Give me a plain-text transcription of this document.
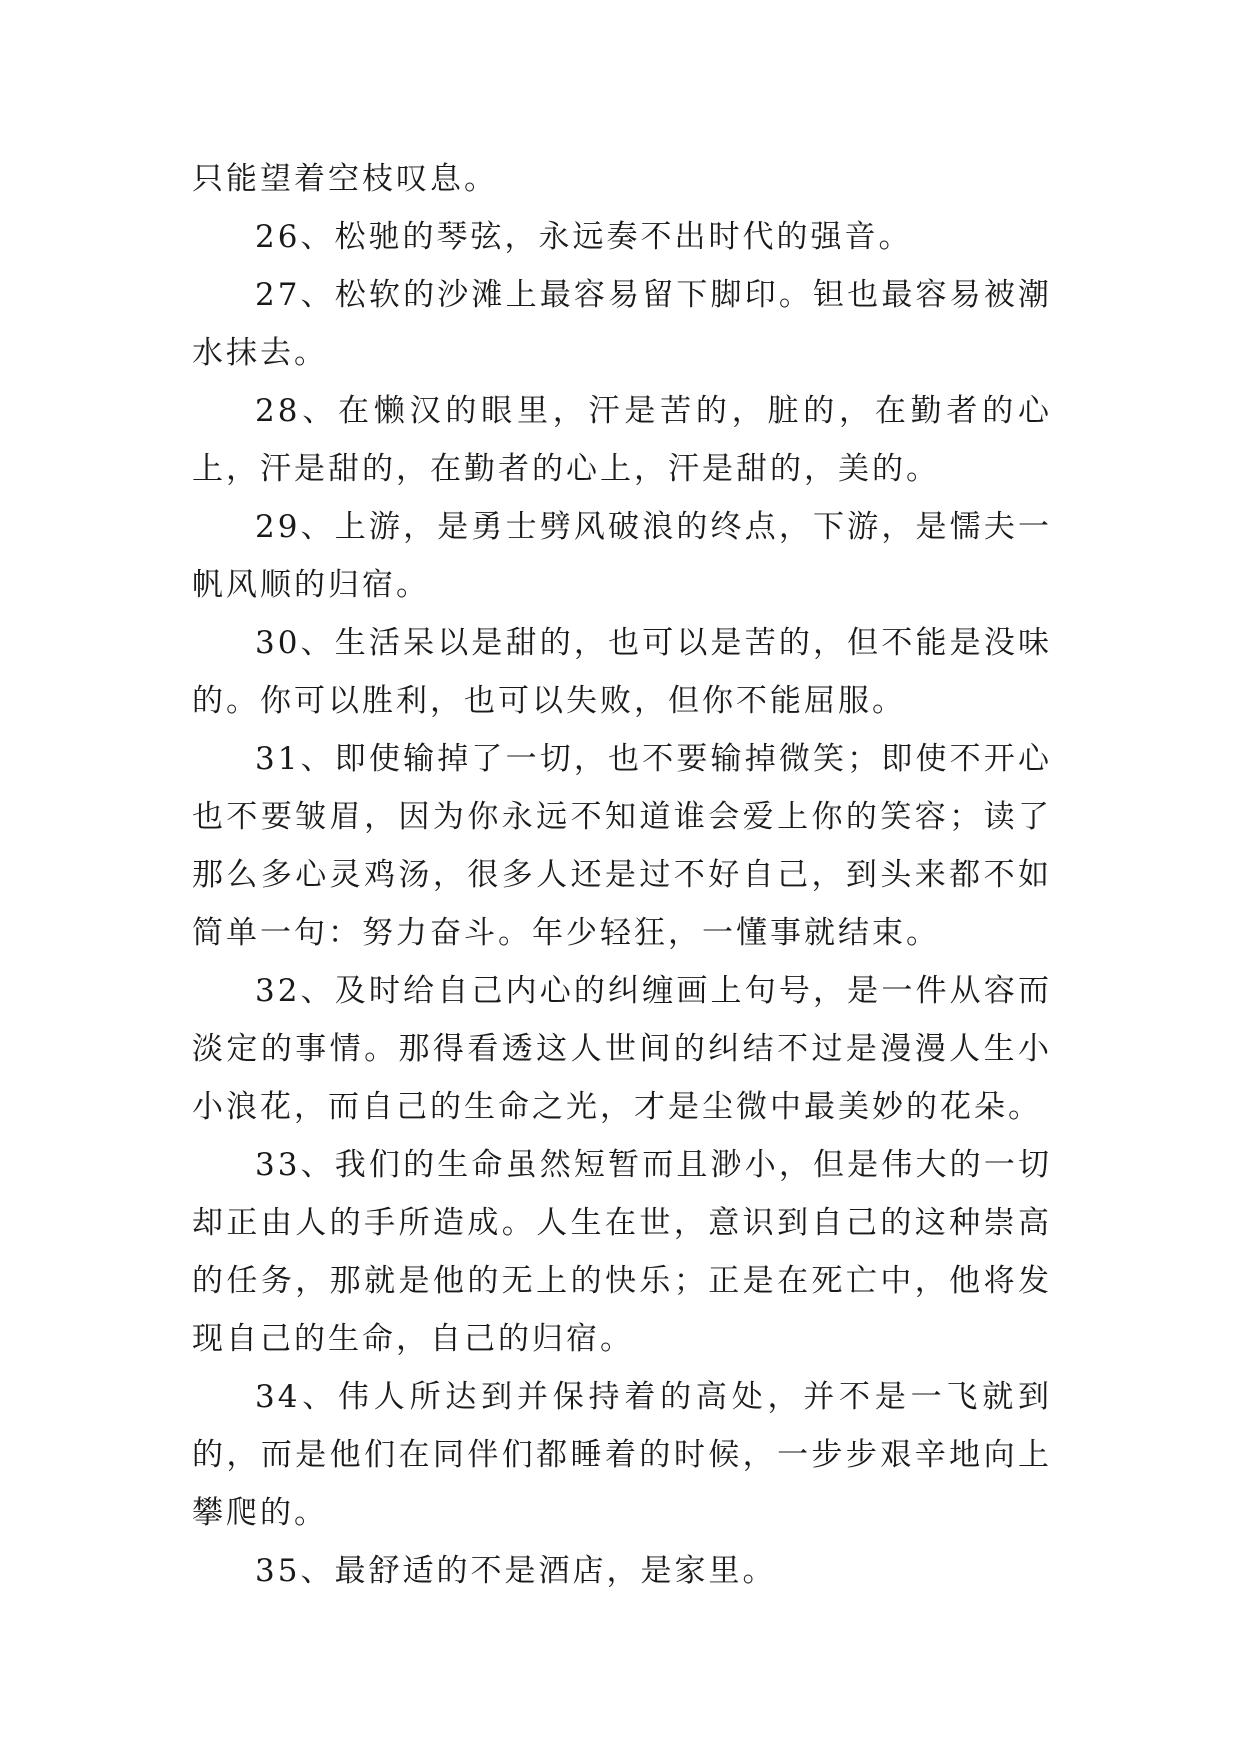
只能望着空枝叹息。

26、松驰的琴弦，永远奏不出时代的强音。

27、松软的沙滩上最容易留下脚印。钽也最容易被潮水抹去。

28、在懒汉的眼里，汗是苦的，脏的，在勤者的心上，汗是甜的，在勤者的心上，汗是甜的，美的。

29、上游，是勇士劈风破浪的终点，下游，是懦夫一帆风顺的归宿。

30、生活呆以是甜的，也可以是苦的，但不能是没味的。你可以胜利，也可以失败，但你不能屈服。

31、即使输掉了一切，也不要输掉微笑；即使不开心也不要皱眉，因为你永远不知道谁会爱上你的笑容；读了那么多心灵鸡汤，很多人还是过不好自己，到头来都不如简单一句：努力奋斗。年少轻狂，一懂事就结束。

32、及时给自己内心的纠缠画上句号，是一件从容而淡定的事情。那得看透这人世间的纠结不过是漫漫人生小小浪花，而自己的生命之光，才是尘微中最美妙的花朵。

33、我们的生命虽然短暂而且渺小，但是伟大的一切却正由人的手所造成。人生在世，意识到自己的这种崇高的任务，那就是他的无上的快乐；正是在死亡中，他将发现自己的生命，自己的归宿。

34、伟人所达到并保持着的高处，并不是一飞就到的，而是他们在同伴们都睡着的时候，一步步艰辛地向上攀爬的。

35、最舒适的不是酒店，是家里。
